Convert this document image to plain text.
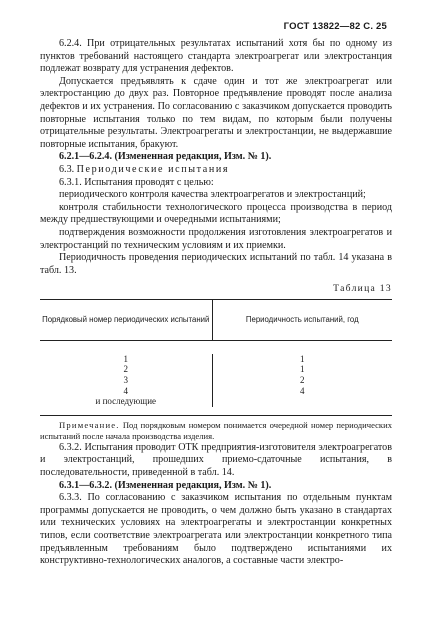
ГОСТ 13822—82 С. 25

6.2.4. При отрицательных результатах испытаний хотя бы по одному из пунктов требований настоящего стандарта электроагрегат или электростанция подлежат возврату для устранения дефектов.

Допускается предъявлять к сдаче один и тот же электроагрегат или электростанцию до двух раз. Повторное предъявление проводят после анализа дефектов и их устранения. По согласованию с заказчиком допускается проводить повторные испытания только по тем видам, по которым были получены отрицательные результаты. Электроагрегаты и электростанции, не выдержавшие повторные испытания, бракуют.

6.2.1—6.2.4. (Измененная редакция, Изм. № 1).

6.3. Периодические испытания

6.3.1. Испытания проводят с целью:

периодического контроля качества электроагрегатов и электростанций;

контроля стабильности технологического процесса производства в период между предшествующими и очередными испытаниями;

подтверждения возможности продолжения изготовления электроагрегатов и электростанций по техническим условиям и их приемки.

Периодичность проведения периодических испытаний по табл. 14 указана в табл. 13.

Таблица 13
Порядковый номер периодических испытаний	Периодичность испытаний, год
1
2
3
4
и последующие
1
1
2
4

Примечание. Под порядковым номером понимается очередной номер периодических испытаний после начала производства изделия.

6.3.2. Испытания проводит ОТК предприятия-изготовителя электроагрегатов и электростанций, прошедших приемо-сдаточные испытания, в последовательности, приведенной в табл. 14.

6.3.1—6.3.2. (Измененная редакция, Изм. № 1).

6.3.3. По согласованию с заказчиком испытания по отдельным пунктам программы допускается не проводить, о чем должно быть указано в стандартах или технических условиях на электроагрегаты и электростанции конкретных типов, если соответствие электроагрегата или электростанции конкретного типа предъявленным требованиям было подтверждено испытаниями их конструктивно-технологических аналогов, а составные части электро-
